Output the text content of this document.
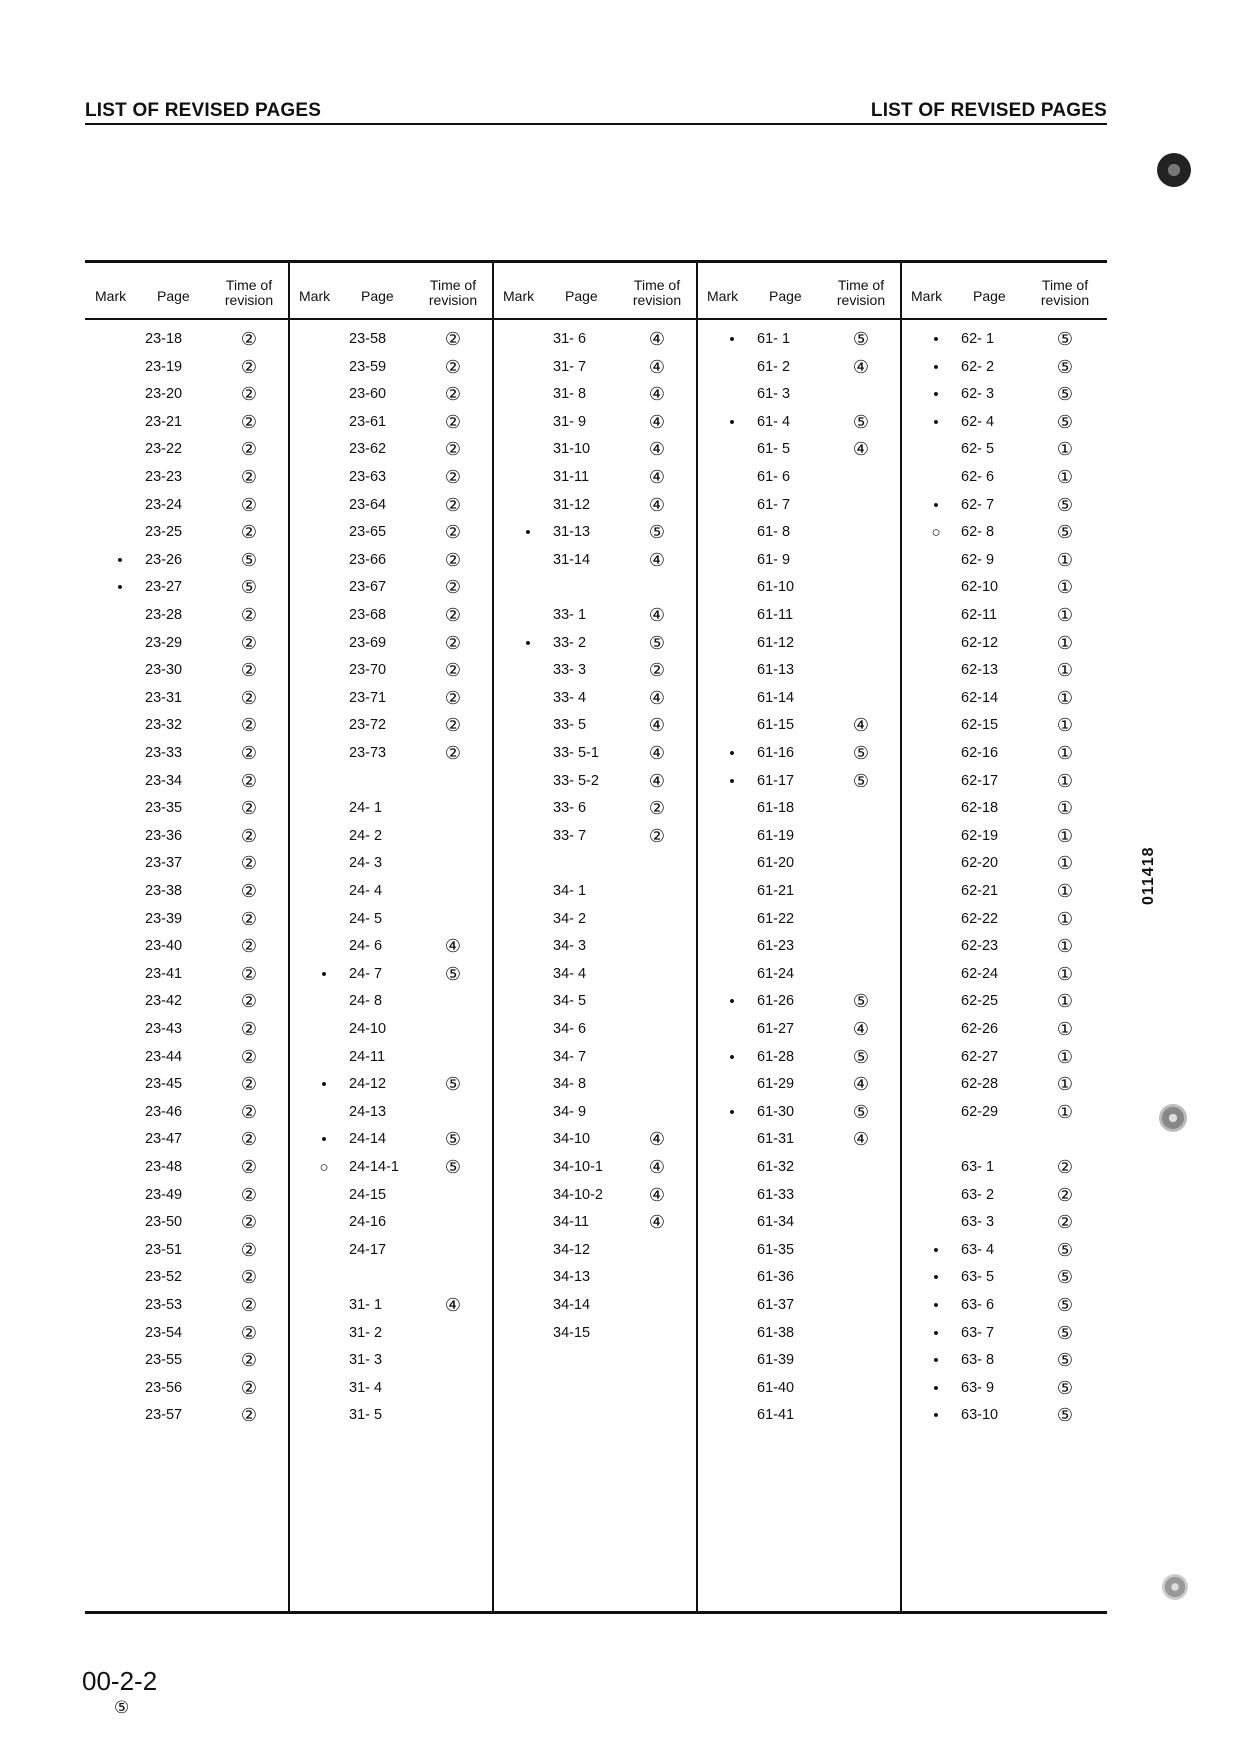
LIST OF REVISED PAGES	LIST OF REVISED PAGES
Mark Page
Time of revision
23-18	②
23-19	②
23-20	②
23-21	②
23-22	②
23-23	②
23-24	②
23-25	②
•	23-26	⑤
•	23-27	⑤
23-28	②
23-29	②
23-30	②
23-31	②
23-32	②
23-33	②
23-34	②
23-35	②
23-36	②
23-37	②
23-38	②
23-39	②
23-40	②
23-41	②
23-42	②
23-43	②
23-44	②
23-45	②
23-46	②
23-47	②
23-48	②
23-49	②
23-50	②
23-51	②
23-52	②
23-53	②
23-54	②
23-55	②
23-56	②
23-57	②
Mark Page
Time of revision
23-58	②
23-59	②
23-60	②
23-61	②
23-62	②
23-63	②
23-64	②
23-65	②
23-66	②
23-67	②
23-68	②
23-69	②
23-70	②
23-71	②
23-72	②
23-73	②
24- 1
24- 2
24- 3
24- 4
24- 5
24- 6	④
•	24- 7	⑤
24- 8
24-10
24-11
•	24-12	⑤
24-13
•	24-14	⑤
○	24-14-1	⑤
24-15
24-16
24-17
31- 1	④
31- 2
31- 3
31- 4
31- 5
Mark Page
Time of revision
31- 6	④
31- 7	④
31- 8	④
31- 9	④
31-10	④
31-11	④
31-12	④
•	31-13	⑤
31-14	④
33- 1	④
•	33- 2	⑤
33- 3	②
33- 4	④
33- 5	④
33- 5-1	④
33- 5-2	④
33- 6	②
33- 7	②
34- 1
34- 2
34- 3
34- 4
34- 5
34- 6
34- 7
34- 8
34- 9
34-10	④
34-10-1	④
34-10-2	④
34-11	④
34-12
34-13
34-14
34-15
Mark Page
Time of revision
•	61- 1	⑤
61- 2	④
61- 3
•	61- 4	⑤
61- 5	④
61- 6
61- 7
61- 8
61- 9
61-10
61-11
61-12
61-13
61-14
61-15	④
•	61-16	⑤
•	61-17	⑤
61-18
61-19
61-20
61-21
61-22
61-23
61-24
•	61-26	⑤
61-27	④
•	61-28	⑤
61-29	④
•	61-30	⑤
61-31	④
61-32
61-33
61-34
61-35
61-36
61-37
61-38
61-39
61-40
61-41
Mark Page
Time of revision
•	62- 1	⑤
•	62- 2	⑤
•	62- 3	⑤
•	62- 4	⑤
62- 5	①
62- 6	①
•	62- 7	⑤
○	62- 8	⑤
62- 9	①
62-10	①
62-11	①
62-12	①
62-13	①
62-14	①
62-15	①
62-16	①
62-17	①
62-18	①
62-19	①
62-20	①
62-21	①
62-22	①
62-23	①
62-24	①
62-25	①
62-26	①
62-27	①
62-28	①
62-29	①
63- 1	②
63- 2	②
63- 3	②
•	63- 4	⑤
•	63- 5	⑤
•	63- 6	⑤
•	63- 7	⑤
•	63- 8	⑤
•	63- 9	⑤
•	63-10	⑤
011418
00-2-2
⑤
